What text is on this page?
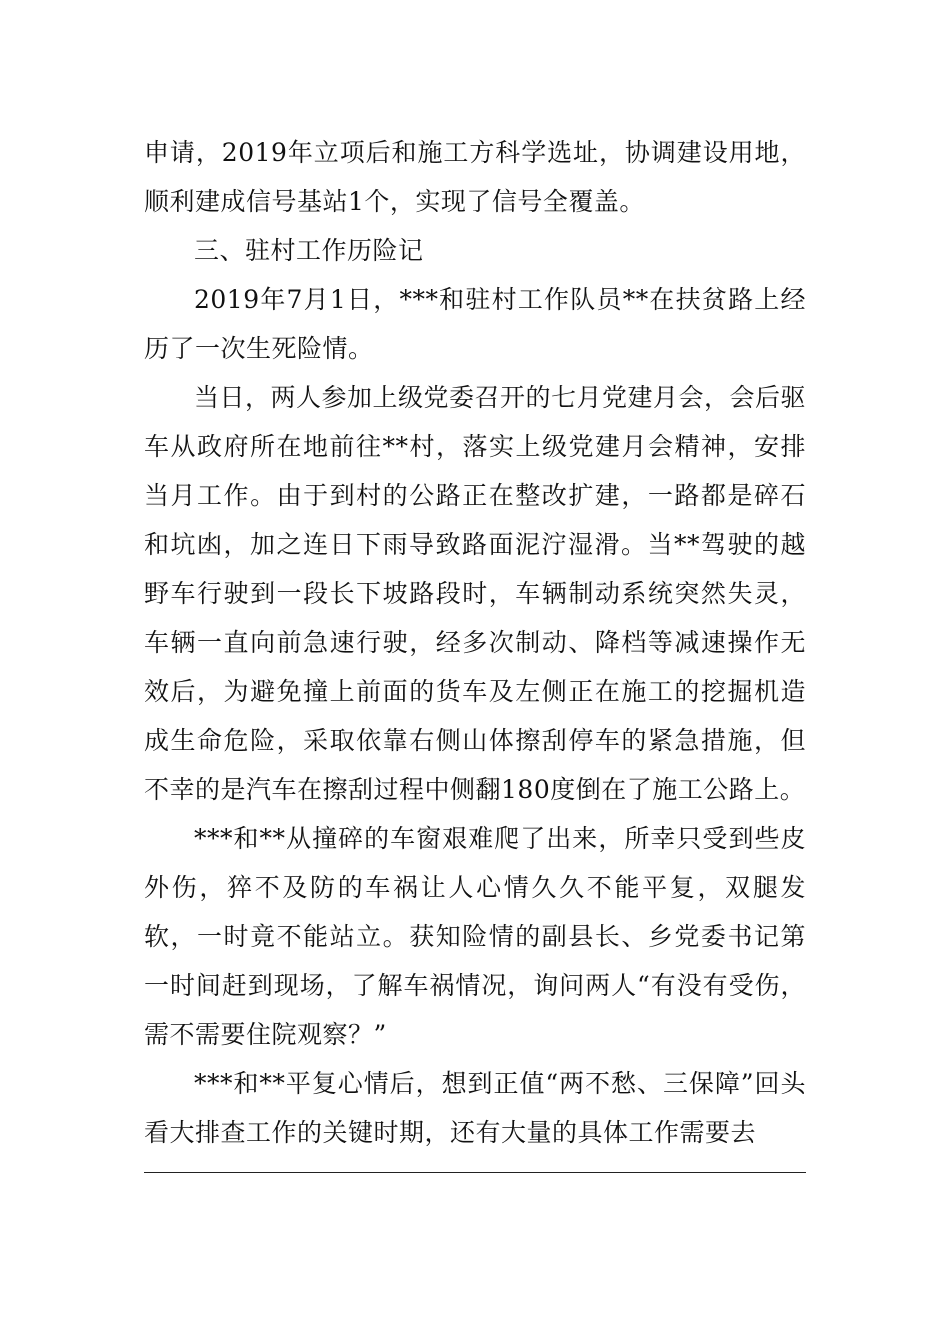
申请，2019年立项后和施工方科学选址，协调建设用地，顺利建成信号基站1个，实现了信号全覆盖。

三、驻村工作历险记

2019年7月1日，***和驻村工作队员**在扶贫路上经历了一次生死险情。

当日，两人参加上级党委召开的七月党建月会，会后驱车从政府所在地前往**村，落实上级党建月会精神，安排当月工作。由于到村的公路正在整改扩建，一路都是碎石和坑凼，加之连日下雨导致路面泥泞湿滑。当**驾驶的越野车行驶到一段长下坡路段时，车辆制动系统突然失灵，车辆一直向前急速行驶，经多次制动、降档等减速操作无效后，为避免撞上前面的货车及左侧正在施工的挖掘机造成生命危险，采取依靠右侧山体擦刮停车的紧急措施，但不幸的是汽车在擦刮过程中侧翻180度倒在了施工公路上。

***和**从撞碎的车窗艰难爬了出来，所幸只受到些皮外伤，猝不及防的车祸让人心情久久不能平复，双腿发软，一时竟不能站立。获知险情的副县长、乡党委书记第一时间赶到现场，了解车祸情况，询问两人“有没有受伤，需不需要住院观察？”

***和**平复心情后，想到正值“两不愁、三保障”回头看大排查工作的关键时期，还有大量的具体工作需要去
